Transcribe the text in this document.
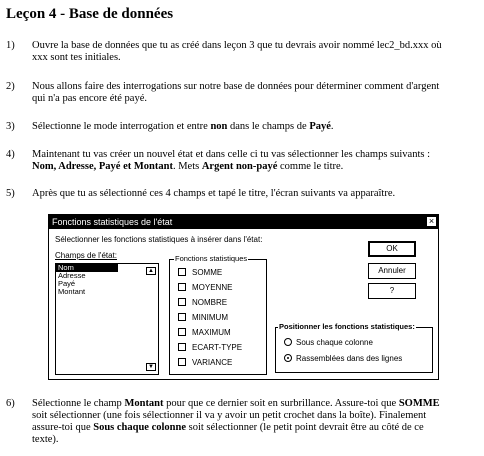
Leçon 4 - Base de données
1) Ouvre la base de données que tu as créé dans leçon 3 que tu devrais avoir nommé lec2_bd.xxx où
xxx sont tes initiales.
2) Nous allons faire des interrogations sur notre base de données pour déterminer comment d'argent
qui n'a pas encore été payé.
3) Sélectionne le mode interrogation et entre non dans le champs de Payé.
4) Maintenant tu vas créer un nouvel état et dans celle ci tu vas sélectionner les champs suivants :
Nom, Adresse, Payé et Montant. Mets Argent non-payé comme le titre.
5) Après que tu as sélectionné ces 4 champs et tapé le titre, l'écran suivants va apparaître.
Fonctions statistiques de l'état	×
Sélectionner les fonctions statistiques à insérer dans l'état:
Champs de l'état:
Nom
Adresse
Payé
Montant
▲
▼
Fonctions statistiques
SOMME
MOYENNE
NOMBRE
MINIMUM
MAXIMUM
ECART-TYPE
VARIANCE
Positionner les fonctions statistiques:
Sous chaque colonne
Rassemblées dans des lignes
OK
Annuler
?
6) Sélectionne le champ Montant pour que ce dernier soit en surbrillance. Assure-toi que SOMME
soit sélectionner (une fois sélectionner il va y avoir un petit crochet dans la boîte). Finalement
assure-toi que Sous chaque colonne soit sélectionner (le petit point devrait être au côté de ce
texte).
